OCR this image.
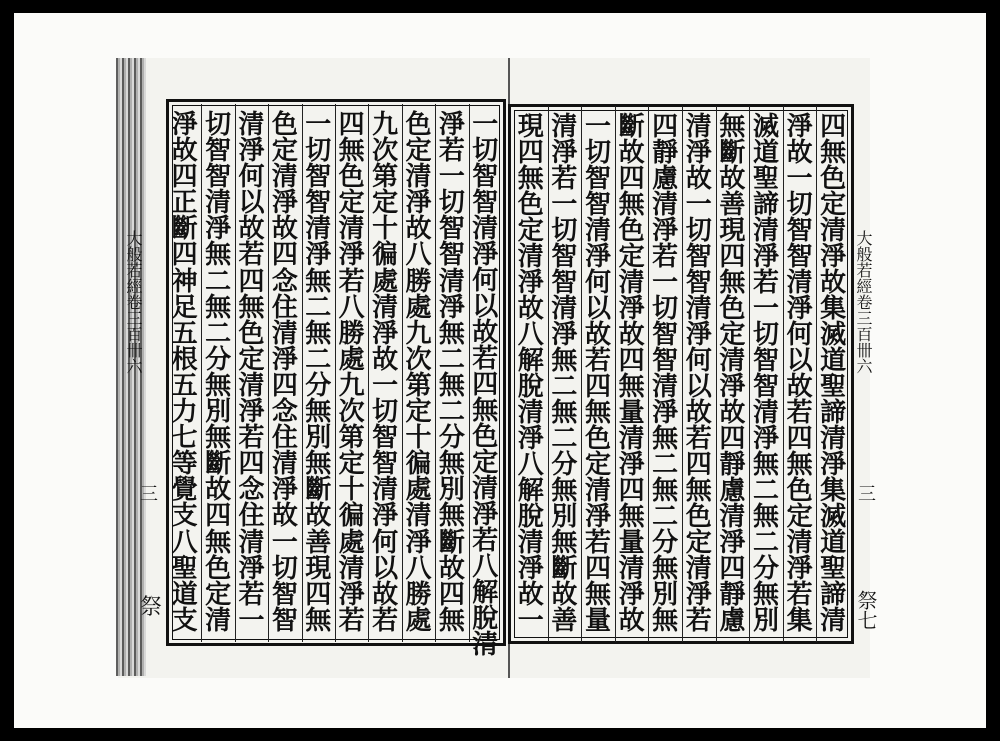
大般若經卷三百卌六
三
祭
大般若經卷三百卌六
三
祭七
一
切
智
智
清
淨
何
以
故
若
四
無
色
定
清
淨
若
八
解
脫
清
淨
若
一
切
智
智
清
淨
無
二
無
二
分
無
別
無
斷
故
四
無
色
定
清
淨
故
八
勝
處
九
次
第
定
十
徧
處
清
淨
八
勝
處
九
次
第
定
十
徧
處
清
淨
故
一
切
智
智
清
淨
何
以
故
若
四
無
色
定
清
淨
若
八
勝
處
九
次
第
定
十
徧
處
清
淨
若
一
切
智
智
清
淨
無
二
無
二
分
無
別
無
斷
故
善
現
四
無
色
定
清
淨
故
四
念
住
清
淨
四
念
住
清
淨
故
一
切
智
智
清
淨
何
以
故
若
四
無
色
定
清
淨
若
四
念
住
清
淨
若
一
切
智
智
清
淨
無
二
無
二
分
無
別
無
斷
故
四
無
色
定
清
淨
故
四
正
斷
四
神
足
五
根
五
力
七
等
覺
支
八
聖
道
支
四
無
色
定
清
淨
故
集
滅
道
聖
諦
清
淨
集
滅
道
聖
諦
清
淨
故
一
切
智
智
清
淨
何
以
故
若
四
無
色
定
清
淨
若
集
滅
道
聖
諦
清
淨
若
一
切
智
智
清
淨
無
二
無
二
分
無
別
無
斷
故
善
現
四
無
色
定
清
淨
故
四
靜
慮
清
淨
四
靜
慮
清
淨
故
一
切
智
智
清
淨
何
以
故
若
四
無
色
定
清
淨
若
四
靜
慮
清
淨
若
一
切
智
智
清
淨
無
二
無
二
分
無
別
無
斷
故
四
無
色
定
清
淨
故
四
無
量
清
淨
四
無
量
清
淨
故
一
切
智
智
清
淨
何
以
故
若
四
無
色
定
清
淨
若
四
無
量
清
淨
若
一
切
智
智
清
淨
無
二
無
二
分
無
別
無
斷
故
善
現
四
無
色
定
清
淨
故
八
解
脫
清
淨
八
解
脫
清
淨
故
一
